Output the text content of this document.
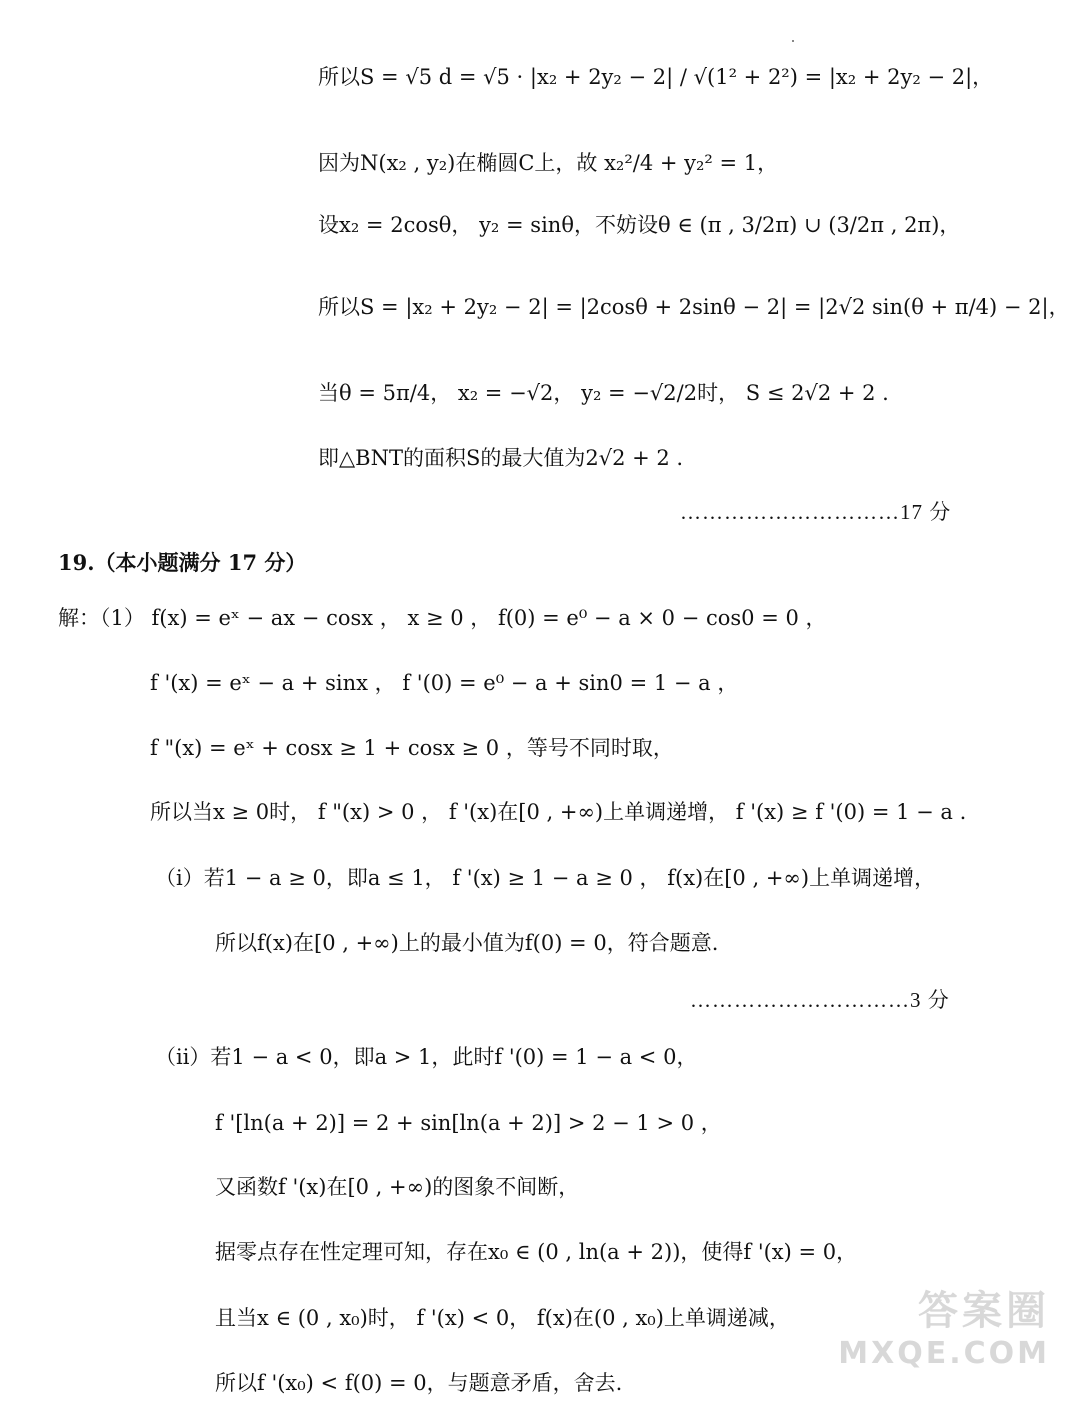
所以S = √5 d = √5 · |x₂ + 2y₂ − 2| / √(1² + 2²) = |x₂ + 2y₂ − 2|，
因为N(x₂ , y₂)在椭圆C上，故 x₂²/4 + y₂² = 1，
设x₂ = 2cosθ， y₂ = sinθ，不妨设θ ∈ (π , 3/2π) ∪ (3/2π , 2π)，
所以S = |x₂ + 2y₂ − 2| = |2cosθ + 2sinθ − 2| = |2√2 sin(θ + π/4) − 2|，
当θ = 5π/4， x₂ = −√2， y₂ = −√2/2时， S ≤ 2√2 + 2 .
即△BNT的面积S的最大值为2√2 + 2 .
…………………………17 分
19.（本小题满分 17 分）
解：（1） f(x) = eˣ − ax − cosx ， x ≥ 0 ， f(0) = e⁰ − a × 0 − cos0 = 0 ，
f '(x) = eˣ − a + sinx ， f '(0) = e⁰ − a + sin0 = 1 − a ，
f "(x) = eˣ + cosx ≥ 1 + cosx ≥ 0 ，等号不同时取，
所以当x ≥ 0时， f "(x) > 0 ， f '(x)在[0 , +∞)上单调递增， f '(x) ≥ f '(0) = 1 − a .
（ⅰ）若1 − a ≥ 0，即a ≤ 1， f '(x) ≥ 1 − a ≥ 0 ， f(x)在[0 , +∞)上单调递增，
所以f(x)在[0 , +∞)上的最小值为f(0) = 0，符合题意.
…………………………3 分
（ⅱ）若1 − a < 0，即a > 1，此时f '(0) = 1 − a < 0，
f '[ln(a + 2)] = 2 + sin[ln(a + 2)] > 2 − 1 > 0 ，
又函数f '(x)在[0 , +∞)的图象不间断，
据零点存在性定理可知，存在x₀ ∈ (0 , ln(a + 2))，使得f '(x) = 0，
且当x ∈ (0 , x₀)时， f '(x) < 0， f(x)在(0 , x₀)上单调递减，
所以f '(x₀) < f(0) = 0，与题意矛盾，舍去.
答案圈
MXQE.COM
